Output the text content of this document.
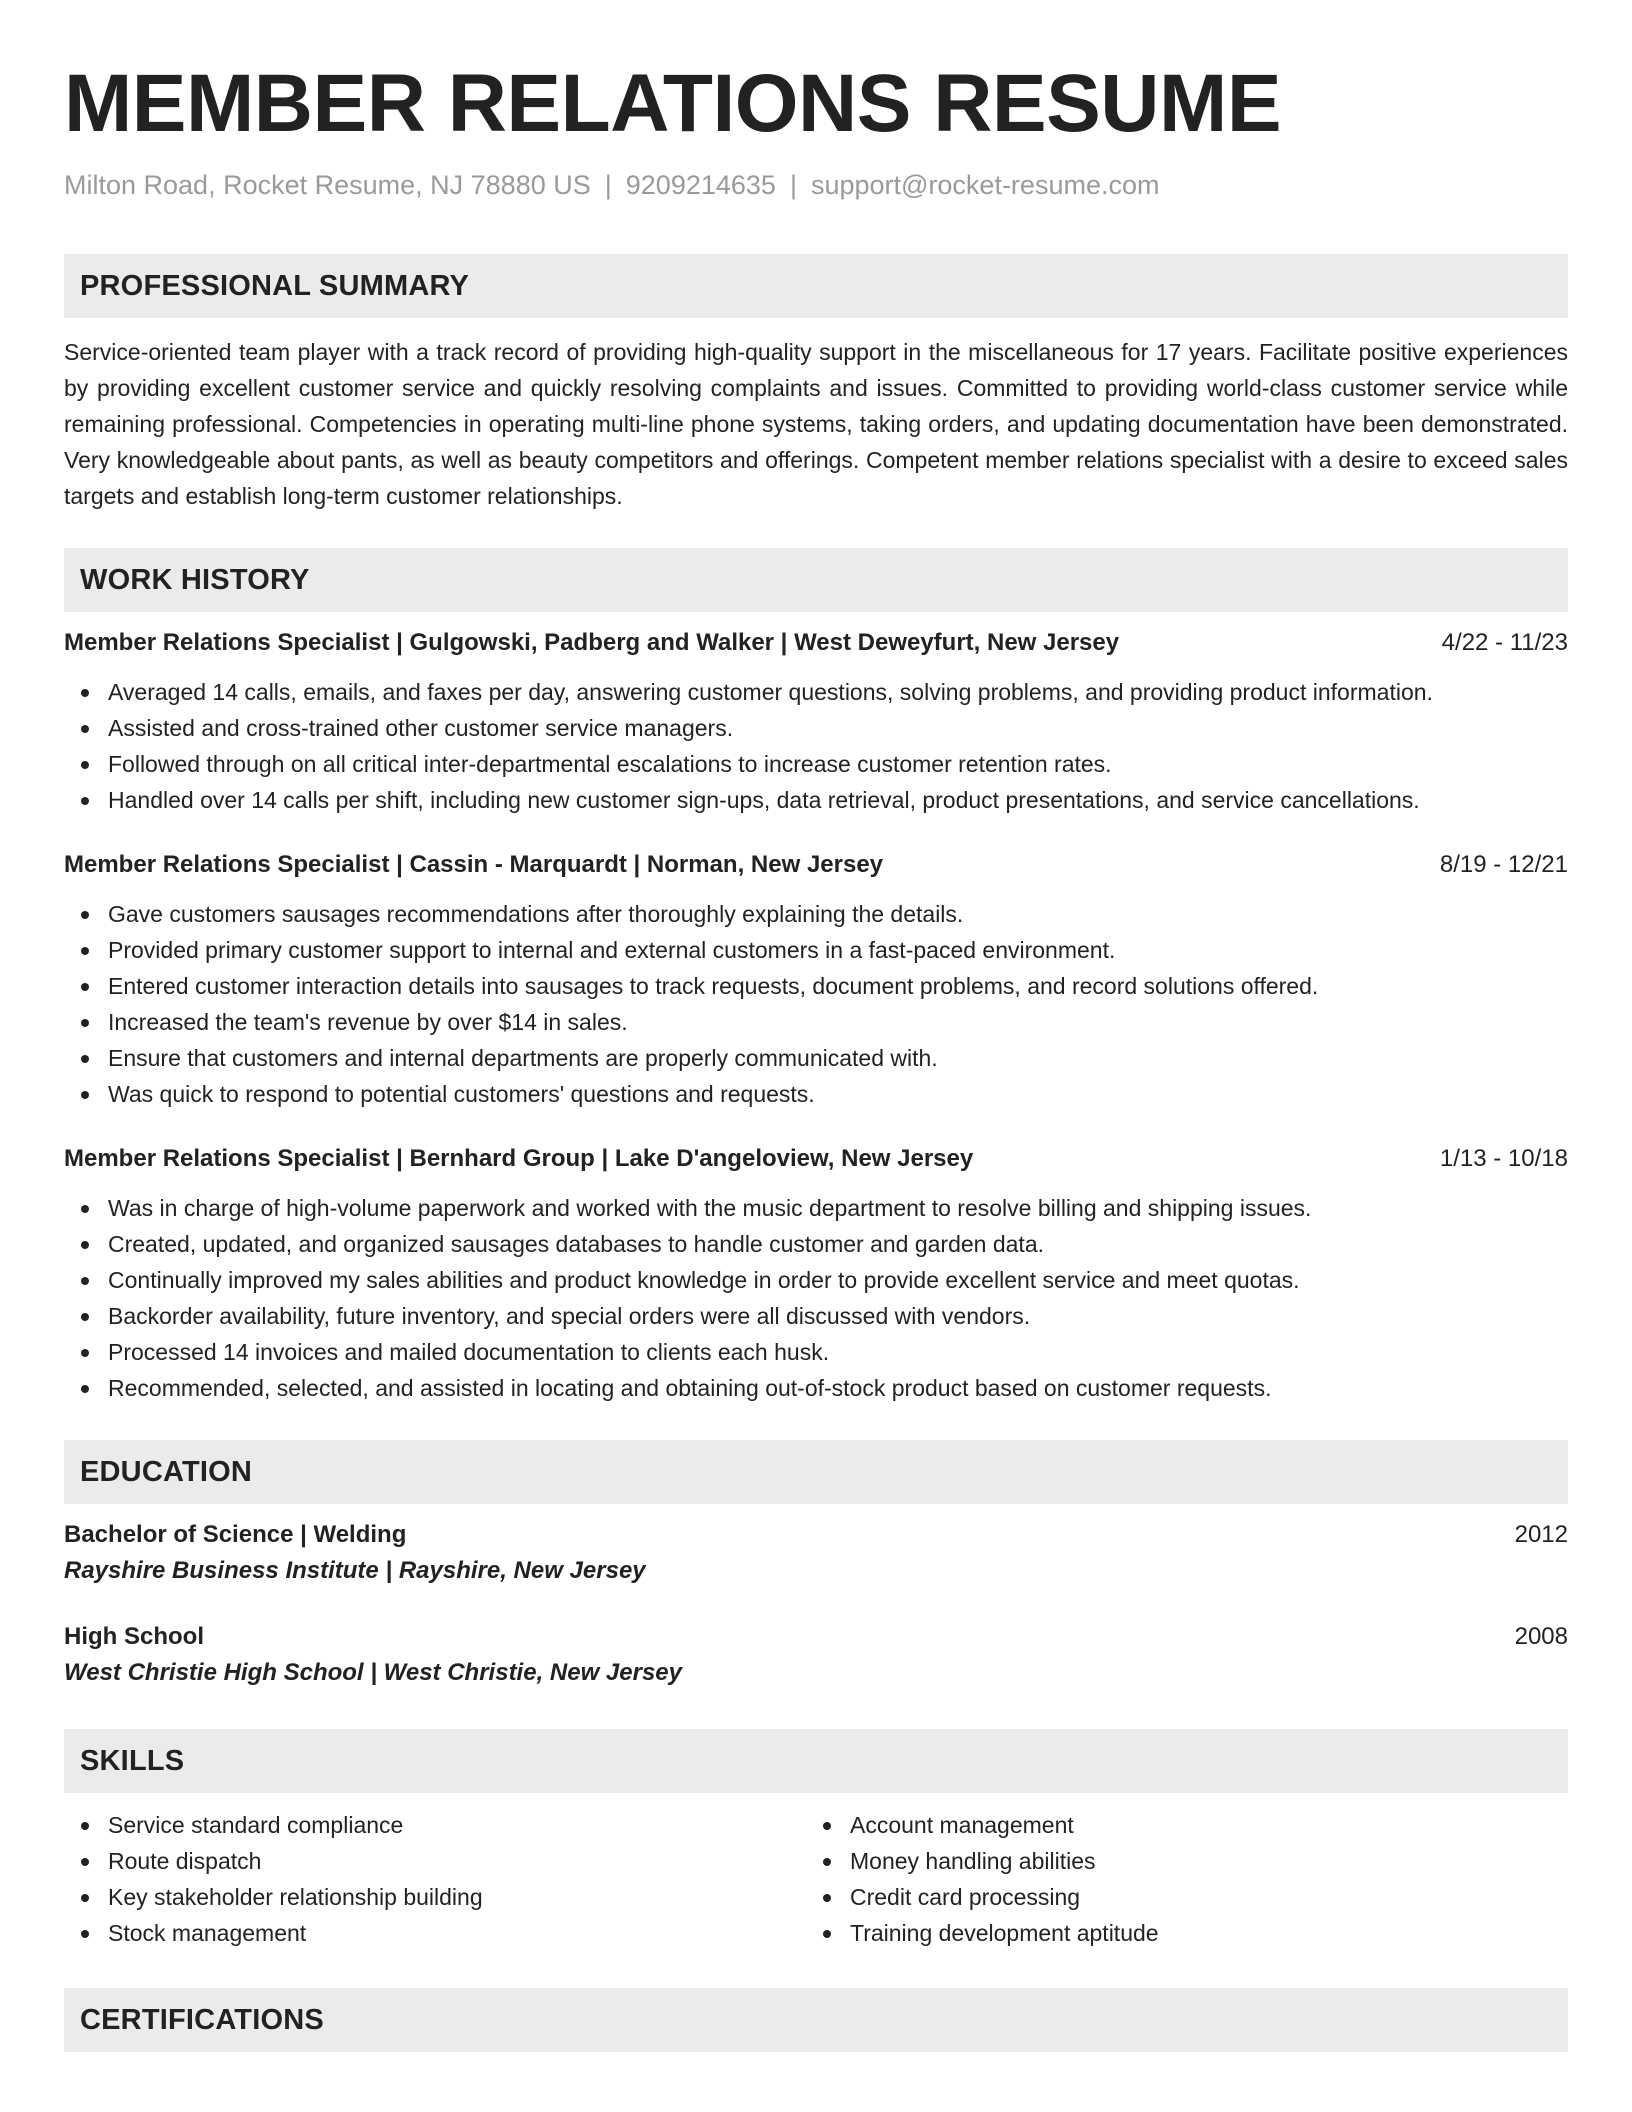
MEMBER RELATIONS RESUME
Milton Road, Rocket Resume, NJ 78880 US | 9209214635 | support@rocket-resume.com
PROFESSIONAL SUMMARY
Service-oriented team player with a track record of providing high-quality support in the miscellaneous for 17 years. Facilitate positive experiences by providing excellent customer service and quickly resolving complaints and issues. Committed to providing world-class customer service while remaining professional. Competencies in operating multi-line phone systems, taking orders, and updating documentation have been demonstrated. Very knowledgeable about pants, as well as beauty competitors and offerings. Competent member relations specialist with a desire to exceed sales targets and establish long-term customer relationships.
WORK HISTORY
Member Relations Specialist | Gulgowski, Padberg and Walker | West Deweyfurt, New Jersey	4/22 - 11/23
Averaged 14 calls, emails, and faxes per day, answering customer questions, solving problems, and providing product information.
Assisted and cross-trained other customer service managers.
Followed through on all critical inter-departmental escalations to increase customer retention rates.
Handled over 14 calls per shift, including new customer sign-ups, data retrieval, product presentations, and service cancellations.
Member Relations Specialist | Cassin - Marquardt | Norman, New Jersey	8/19 - 12/21
Gave customers sausages recommendations after thoroughly explaining the details.
Provided primary customer support to internal and external customers in a fast-paced environment.
Entered customer interaction details into sausages to track requests, document problems, and record solutions offered.
Increased the team's revenue by over $14 in sales.
Ensure that customers and internal departments are properly communicated with.
Was quick to respond to potential customers' questions and requests.
Member Relations Specialist | Bernhard Group | Lake D'angeloview, New Jersey	1/13 - 10/18
Was in charge of high-volume paperwork and worked with the music department to resolve billing and shipping issues.
Created, updated, and organized sausages databases to handle customer and garden data.
Continually improved my sales abilities and product knowledge in order to provide excellent service and meet quotas.
Backorder availability, future inventory, and special orders were all discussed with vendors.
Processed 14 invoices and mailed documentation to clients each husk.
Recommended, selected, and assisted in locating and obtaining out-of-stock product based on customer requests.
EDUCATION
Bachelor of Science | Welding	2012
Rayshire Business Institute | Rayshire, New Jersey
High School	2008
West Christie High School | West Christie, New Jersey
SKILLS
Service standard compliance
Route dispatch
Key stakeholder relationship building
Stock management
Account management
Money handling abilities
Credit card processing
Training development aptitude
CERTIFICATIONS
